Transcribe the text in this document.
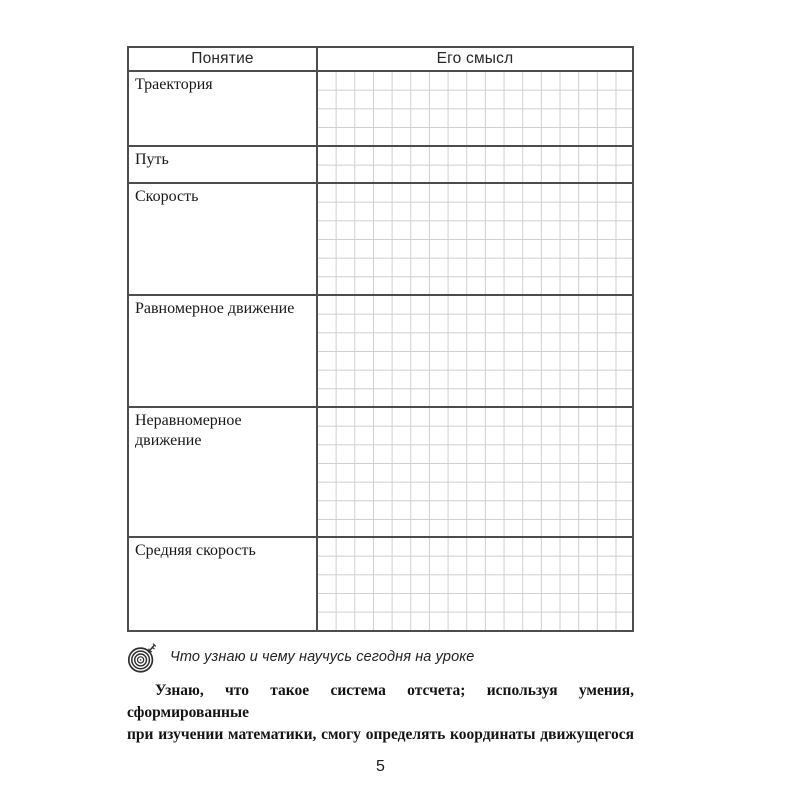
Понятие	Его смысл
Траектория
Путь
Скорость
Равномерное движение
Неравномерное движение
Средняя скорость
Что узнаю и чему научусь сегодня на уроке
Узнаю, что такое система отсчета; используя умения, сформированные
при изучении математики, смогу определять координаты движущегося
5
